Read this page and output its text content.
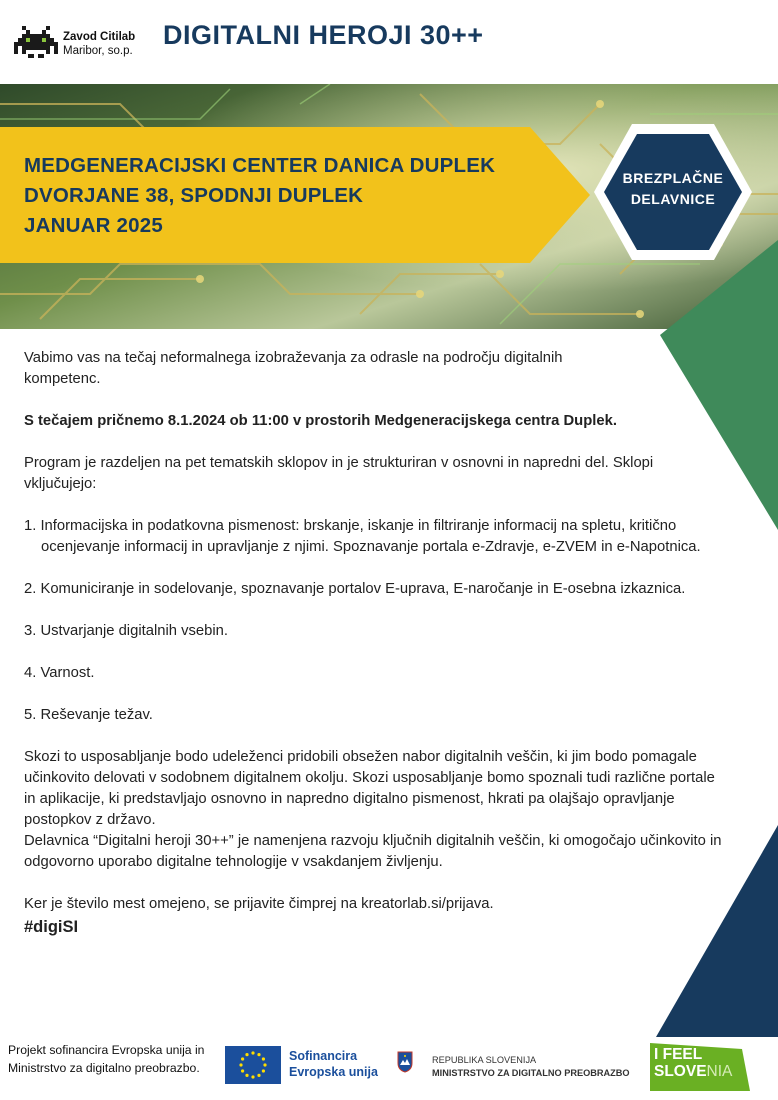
Zavod Citilab
Maribor, so.p.
DIGITALNI HEROJI 30++
MEDGENERACIJSKI CENTER DANICA DUPLEK
DVORJANE 38, SPODNJI DUPLEK
JANUAR 2025
BREZPLAČNE
DELAVNICE

Vabimo vas na tečaj neformalnega izobraževanja za odrasle na področju digitalnih kompetenc.

S tečajem pričnemo 8.1.2024 ob 11:00 v prostorih Medgeneracijskega centra Duplek.

Program je razdeljen na pet tematskih sklopov in je strukturiran v osnovni in napredni del. Sklopi vključujejo:

1. Informacijska in podatkovna pismenost: brskanje, iskanje in filtriranje informacij na spletu, kritično ocenjevanje informacij in upravljanje z njimi. Spoznavanje portala e-Zdravje, e-ZVEM in e-Napotnica.
2. Komuniciranje in sodelovanje, spoznavanje portalov E-uprava, E-naročanje in E-osebna izkaznica.
3. Ustvarjanje digitalnih vsebin.
4. Varnost.
5. Reševanje težav.

Skozi to usposabljanje bodo udeleženci pridobili obsežen nabor digitalnih veščin, ki jim bodo pomagale učinkovito delovati v sodobnem digitalnem okolju. Skozi usposabljanje bomo spoznali tudi različne portale in aplikacije, ki predstavljajo osnovno in napredno digitalno pismenost, hkrati pa olajšajo opravljanje postopkov z državo.

Delavnica “Digitalni heroji 30++” je namenjena razvoju ključnih digitalnih veščin, ki omogočajo učinkovito in odgovorno uporabo digitalne tehnologije v vsakdanjem življenju.

Ker je število mest omejeno, se prijavite čimprej na kreatorlab.si/prijava.

#digiSI

Projekt sofinancira Evropska unija in Ministrstvo za digitalno preobrazbo.
Sofinancira
Evropska unija
REPUBLIKA SLOVENIJA
MINISTRSTVO ZA DIGITALNO PREOBRAZBO
I FEEL
SLOVENIA
